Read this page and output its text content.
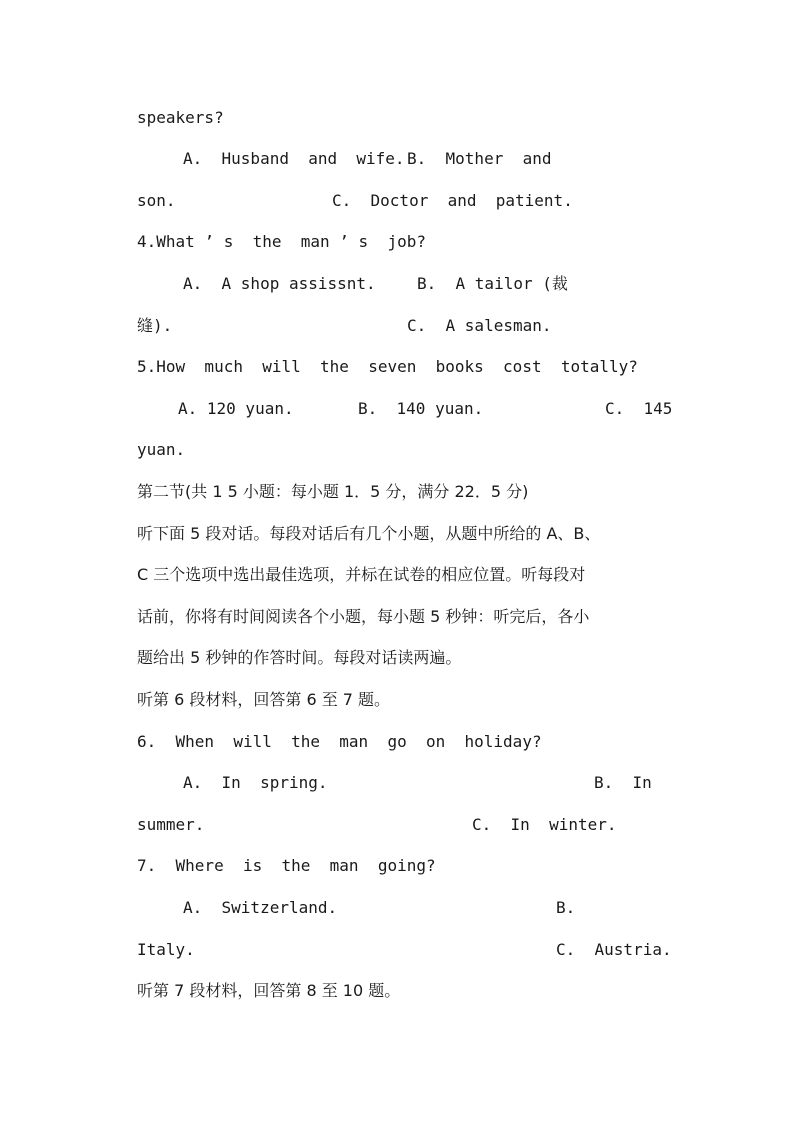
speakers?
A.  Husband  and  wife. B.  Mother  and
son.	C.  Doctor  and  patient.
4.What ’ s  the  man ’ s  job?
A.  A shop assissnt.	B.  A tailor (裁
缝).	C.  A salesman.
5.How  much  will  the  seven  books  cost  totally?
A. 120 yuan.	B.  140 yuan.	C.  145
yuan.
第二节(共 1 5 小题：每小题 1．5 分，满分 22．5 分)
听下面 5 段对话。每段对话后有几个小题，从题中所给的 A、B、
C 三个选项中选出最佳选项，并标在试卷的相应位置。听每段对
话前，你将有时间阅读各个小题，每小题 5 秒钟：听完后，各小
题给出 5 秒钟的作答时间。每段对话读两遍。
听第 6 段材料，回答第 6 至 7 题。
6.  When  will  the  man  go  on  holiday?
A.  In  spring.	B.  In
summer.	C.  In  winter.
7.  Where  is  the  man  going?
A.  Switzerland.	B.
Italy.	C.  Austria.
听第 7 段材料，回答第 8 至 10 题。
